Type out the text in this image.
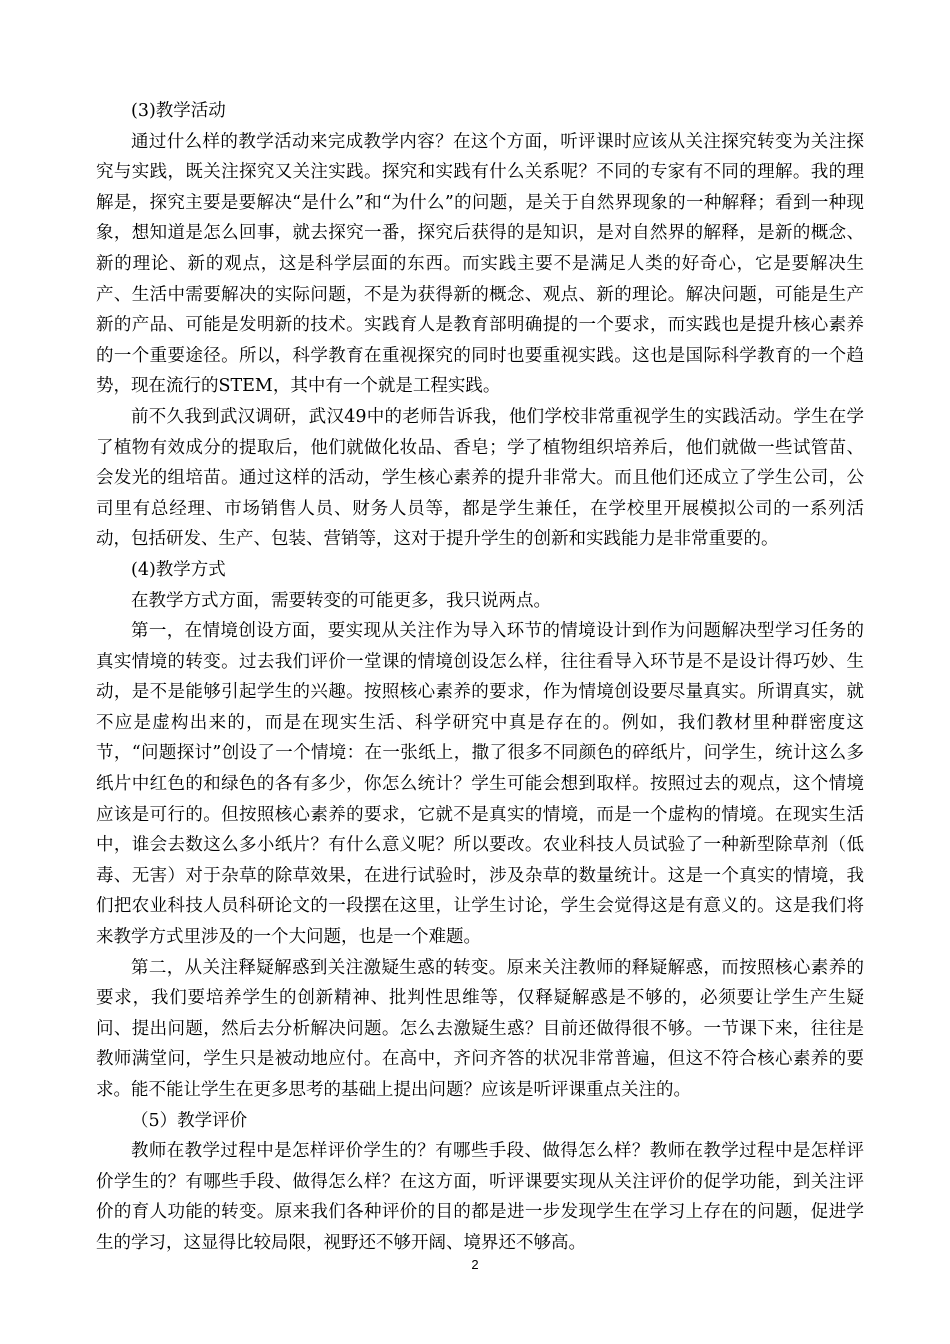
(3)教学活动

通过什么样的教学活动来完成教学内容？在这个方面，听评课时应该从关注探究转变为关注探究与实践，既关注探究又关注实践。探究和实践有什么关系呢？不同的专家有不同的理解。我的理解是，探究主要是要解决“是什么”和“为什么”的问题，是关于自然界现象的一种解释；看到一种现象，想知道是怎么回事，就去探究一番，探究后获得的是知识，是对自然界的解释，是新的概念、新的理论、新的观点，这是科学层面的东西。而实践主要不是满足人类的好奇心，它是要解决生产、生活中需要解决的实际问题，不是为获得新的概念、观点、新的理论。解决问题，可能是生产新的产品、可能是发明新的技术。实践育人是教育部明确提的一个要求，而实践也是提升核心素养的一个重要途径。所以，科学教育在重视探究的同时也要重视实践。这也是国际科学教育的一个趋势，现在流行的STEM，其中有一个就是工程实践。

前不久我到武汉调研，武汉49中的老师告诉我，他们学校非常重视学生的实践活动。学生在学了植物有效成分的提取后，他们就做化妆品、香皂；学了植物组织培养后，他们就做一些试管苗、会发光的组培苗。通过这样的活动，学生核心素养的提升非常大。而且他们还成立了学生公司，公司里有总经理、市场销售人员、财务人员等，都是学生兼任，在学校里开展模拟公司的一系列活动，包括研发、生产、包装、营销等，这对于提升学生的创新和实践能力是非常重要的。

(4)教学方式

在教学方式方面，需要转变的可能更多，我只说两点。

第一，在情境创设方面，要实现从关注作为导入环节的情境设计到作为问题解决型学习任务的真实情境的转变。过去我们评价一堂课的情境创设怎么样，往往看导入环节是不是设计得巧妙、生动，是不是能够引起学生的兴趣。按照核心素养的要求，作为情境创设要尽量真实。所谓真实，就不应是虚构出来的，而是在现实生活、科学研究中真是存在的。例如，我们教材里种群密度这节，“问题探讨”创设了一个情境：在一张纸上，撒了很多不同颜色的碎纸片，问学生，统计这么多纸片中红色的和绿色的各有多少，你怎么统计？学生可能会想到取样。按照过去的观点，这个情境应该是可行的。但按照核心素养的要求，它就不是真实的情境，而是一个虚构的情境。在现实生活中，谁会去数这么多小纸片？有什么意义呢？所以要改。农业科技人员试验了一种新型除草剂（低毒、无害）对于杂草的除草效果，在进行试验时，涉及杂草的数量统计。这是一个真实的情境，我们把农业科技人员科研论文的一段摆在这里，让学生讨论，学生会觉得这是有意义的。这是我们将来教学方式里涉及的一个大问题，也是一个难题。

第二，从关注释疑解惑到关注激疑生惑的转变。原来关注教师的释疑解惑，而按照核心素养的要求，我们要培养学生的创新精神、批判性思维等，仅释疑解惑是不够的，必须要让学生产生疑问、提出问题，然后去分析解决问题。怎么去激疑生惑？目前还做得很不够。一节课下来，往往是教师满堂问，学生只是被动地应付。在高中，齐问齐答的状况非常普遍，但这不符合核心素养的要求。能不能让学生在更多思考的基础上提出问题？应该是听评课重点关注的。

（5）教学评价

教师在教学过程中是怎样评价学生的？有哪些手段、做得怎么样？教师在教学过程中是怎样评价学生的？有哪些手段、做得怎么样？在这方面，听评课要实现从关注评价的促学功能，到关注评价的育人功能的转变。原来我们各种评价的目的都是进一步发现学生在学习上存在的问题，促进学生的学习，这显得比较局限，视野还不够开阔、境界还不够高。

2
